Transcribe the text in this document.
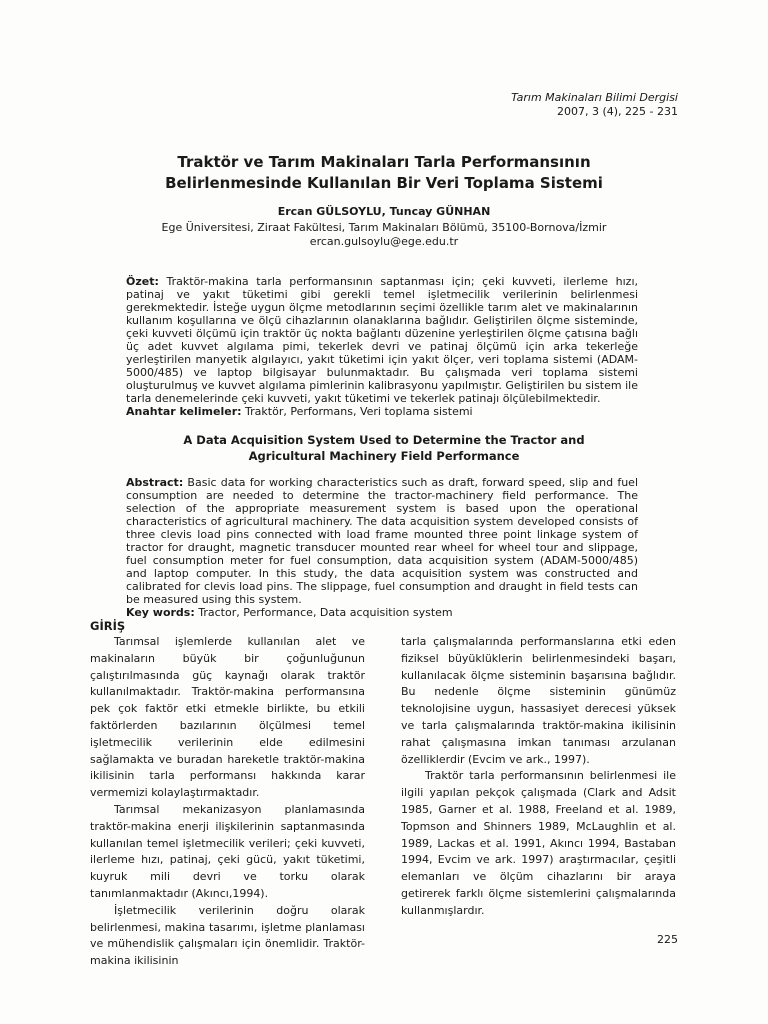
Tarım Makinaları Bilimi Dergisi
2007, 3 (4), 225 - 231
Traktör ve Tarım Makinaları Tarla Performansının
Belirlenmesinde Kullanılan Bir Veri Toplama Sistemi
Ercan GÜLSOYLU, Tuncay GÜNHAN
Ege Üniversitesi, Ziraat Fakültesi, Tarım Makinaları Bölümü, 35100-Bornova/İzmir
ercan.gulsoylu@ege.edu.tr
Özet: Traktör-makina tarla performansının saptanması için; çeki kuvveti, ilerleme hızı, patinaj ve yakıt tüketimi gibi gerekli temel işletmecilik verilerinin belirlenmesi gerekmektedir. İsteğe uygun ölçme metodlarının seçimi özellikle tarım alet ve makinalarının kullanım koşullarına ve ölçü cihazlarının olanaklarına bağlıdır. Geliştirilen ölçme sisteminde, çeki kuvveti ölçümü için traktör üç nokta bağlantı düzenine yerleştirilen ölçme çatısına bağlı üç adet kuvvet algılama pimi, tekerlek devri ve patinaj ölçümü için arka tekerleğe yerleştirilen manyetik algılayıcı, yakıt tüketimi için yakıt ölçer, veri toplama sistemi (ADAM-5000/485) ve laptop bilgisayar bulunmaktadır. Bu çalışmada veri toplama sistemi oluşturulmuş ve kuvvet algılama pimlerinin kalibrasyonu yapılmıştır. Geliştirilen bu sistem ile tarla denemelerinde çeki kuvveti, yakıt tüketimi ve tekerlek patinajı ölçülebilmektedir.
Anahtar kelimeler: Traktör, Performans, Veri toplama sistemi
A Data Acquisition System Used to Determine the Tractor and
Agricultural Machinery Field Performance
Abstract: Basic data for working characteristics such as draft, forward speed, slip and fuel consumption are needed to determine the tractor-machinery field performance. The selection of the appropriate measurement system is based upon the operational characteristics of agricultural machinery. The data acquisition system developed consists of three clevis load pins connected with load frame mounted three point linkage system of tractor for draught, magnetic transducer mounted rear wheel for wheel tour and slippage, fuel consumption meter for fuel consumption, data acquisition system (ADAM-5000/485) and laptop computer. In this study, the data acquisition system was constructed and calibrated for clevis load pins. The slippage, fuel consumption and draught in field tests can be measured using this system.
Key words: Tractor, Performance, Data acquisition system
GİRİŞ

Tarımsal işlemlerde kullanılan alet ve makinaların büyük bir çoğunluğunun çalıştırılmasında güç kaynağı olarak traktör kullanılmaktadır. Traktör-makina performansına pek çok faktör etki etmekle birlikte, bu etkili faktörlerden bazılarının ölçülmesi temel işletmecilik verilerinin elde edilmesini sağlamakta ve buradan hareketle traktör-makina ikilisinin tarla performansı hakkında karar vermemizi kolaylaştırmaktadır.

Tarımsal mekanizasyon planlamasında traktör-makina enerji ilişkilerinin saptanmasında kullanılan temel işletmecilik verileri; çeki kuvveti, ilerleme hızı, patinaj, çeki gücü, yakıt tüketimi, kuyruk mili devri ve torku olarak tanımlanmaktadır (Akıncı,1994).

İşletmecilik verilerinin doğru olarak belirlenmesi, makina tasarımı, işletme planlaması ve mühendislik çalışmaları için önemlidir. Traktör-makina ikilisinin

tarla çalışmalarında performanslarına etki eden fiziksel büyüklüklerin belirlenmesindeki başarı, kullanılacak ölçme sisteminin başarısına bağlıdır. Bu nedenle ölçme sisteminin günümüz teknolojisine uygun, hassasiyet derecesi yüksek ve tarla çalışmalarında traktör-makina ikilisinin rahat çalışmasına imkan tanıması arzulanan özelliklerdir (Evcim ve ark., 1997).

Traktör tarla performansının belirlenmesi ile ilgili yapılan pekçok çalışmada (Clark and Adsit 1985, Garner et al. 1988, Freeland et al. 1989, Topmson and Shinners 1989, McLaughlin et al. 1989, Lackas et al. 1991, Akıncı 1994, Bastaban 1994, Evcim ve ark. 1997) araştırmacılar, çeşitli elemanları ve ölçüm cihazlarını bir araya getirerek farklı ölçme sistemlerini çalışmalarında kullanmışlardır.

225
